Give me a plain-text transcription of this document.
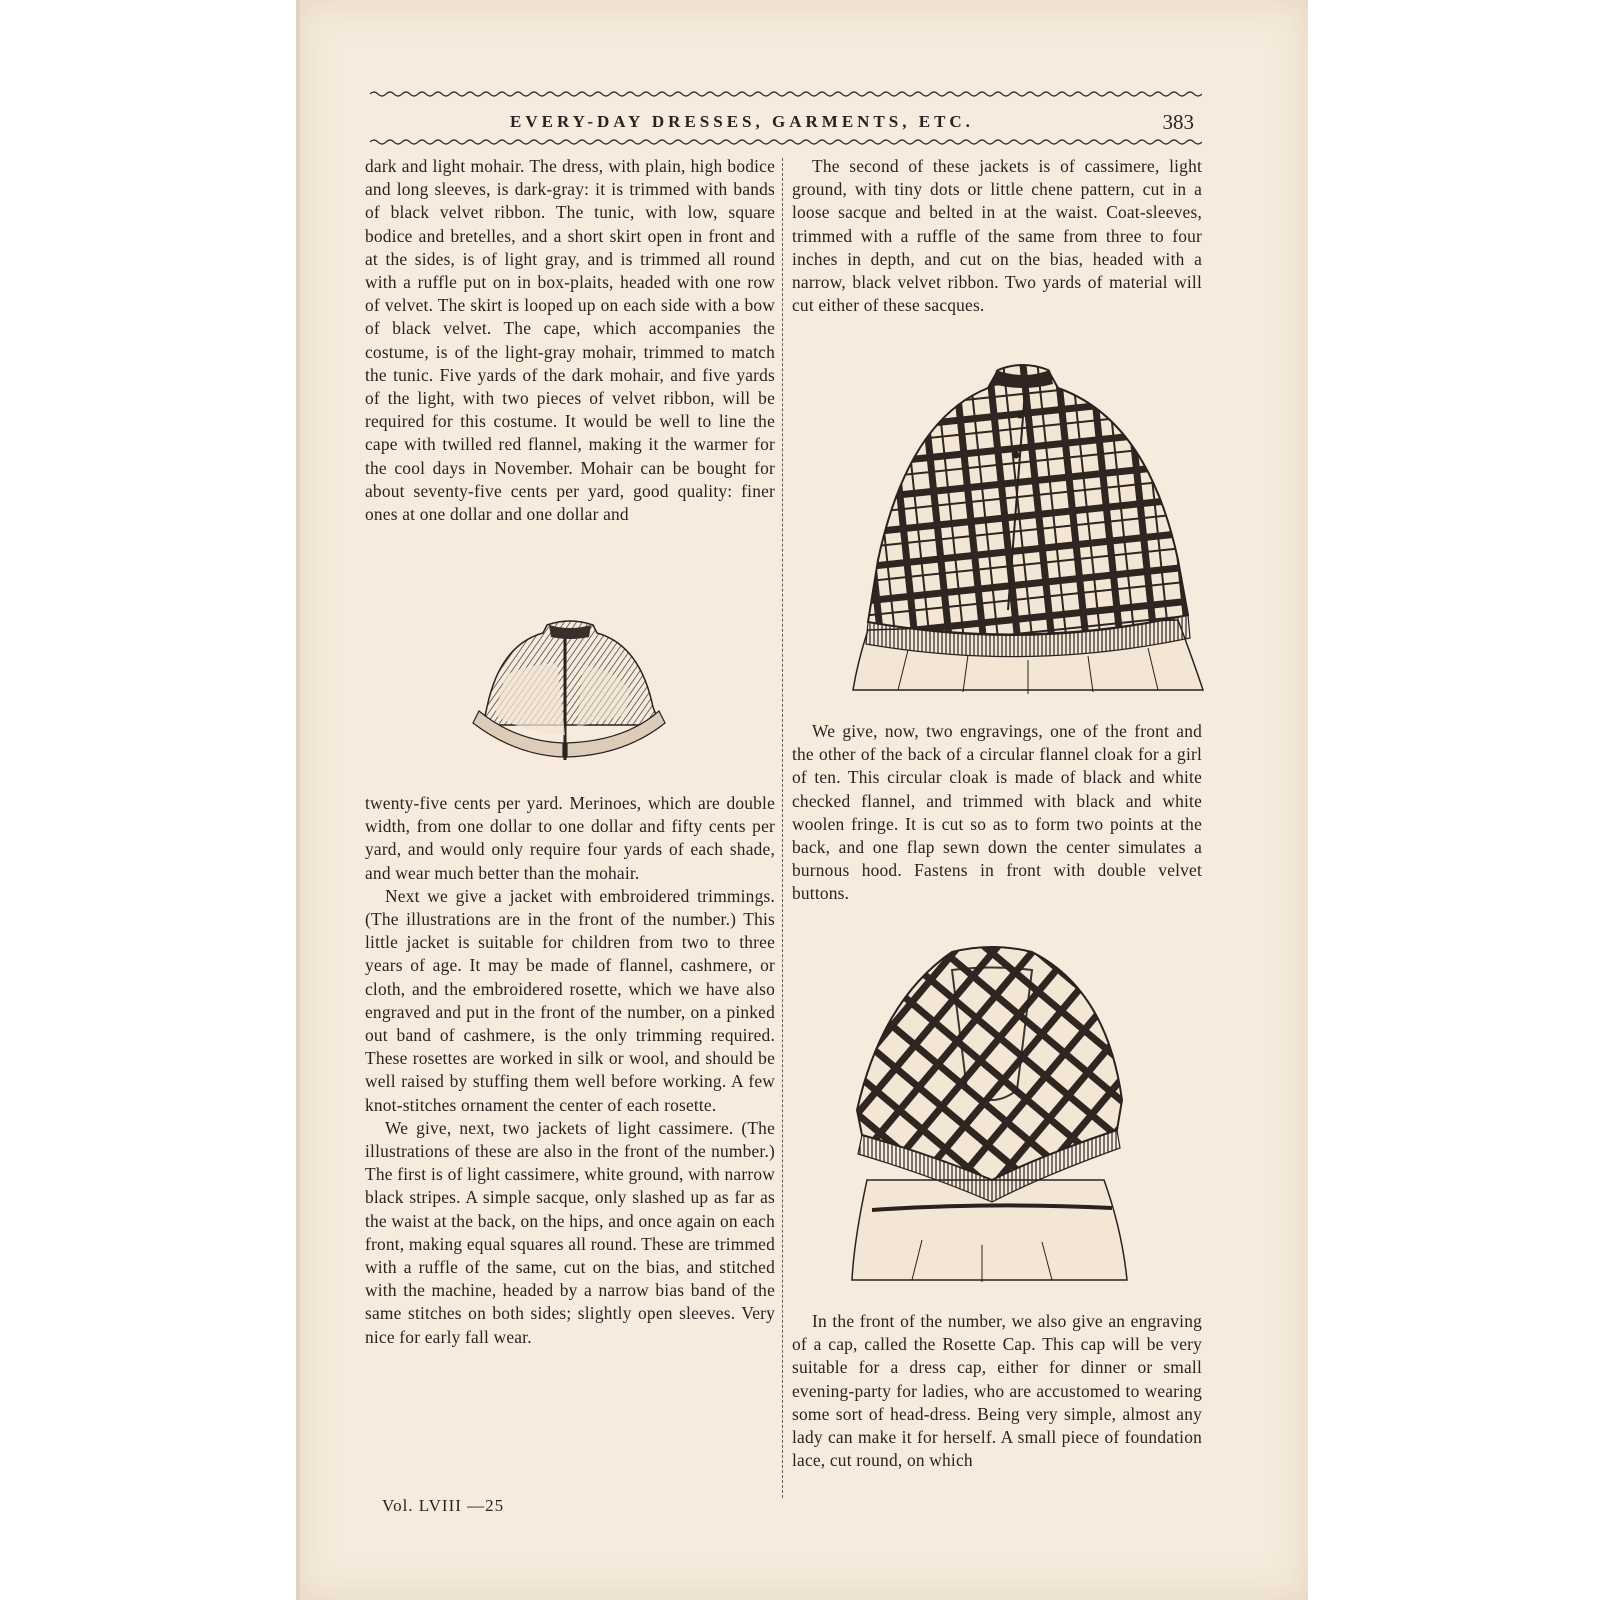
EVERY-DAY DRESSES, GARMENTS, ETC.	383

dark and light mohair. The dress, with plain, high bodice and long sleeves, is dark-gray: it is trimmed with bands of black velvet ribbon. The tunic, with low, square bodice and bretelles, and a short skirt open in front and at the sides, is of light gray, and is trimmed all round with a ruffle put on in box-plaits, headed with one row of velvet. The skirt is looped up on each side with a bow of black velvet. The cape, which accompanies the costume, is of the light-gray mohair, trimmed to match the tunic. Five yards of the dark mohair, and five yards of the light, with two pieces of velvet ribbon, will be required for this costume. It would be well to line the cape with twilled red flannel, making it the warmer for the cool days in November. Mohair can be bought for about seventy-five cents per yard, good quality: finer ones at one dollar and one dollar and

twenty-five cents per yard. Merinoes, which are double width, from one dollar to one dollar and fifty cents per yard, and would only require four yards of each shade, and wear much better than the mohair.

Next we give a jacket with embroidered trimmings. (The illustrations are in the front of the number.) This little jacket is suitable for children from two to three years of age. It may be made of flannel, cashmere, or cloth, and the embroidered rosette, which we have also engraved and put in the front of the number, on a pinked out band of cashmere, is the only trimming required. These rosettes are worked in silk or wool, and should be well raised by stuffing them well before working. A few knot-stitches ornament the center of each rosette.

We give, next, two jackets of light cassimere. (The illustrations of these are also in the front of the number.) The first is of light cassimere, white ground, with narrow black stripes. A simple sacque, only slashed up as far as the waist at the back, on the hips, and once again on each front, making equal squares all round. These are trimmed with a ruffle of the same, cut on the bias, and stitched with the machine, headed by a narrow bias band of the same stitches on both sides; slightly open sleeves. Very nice for early fall wear.

The second of these jackets is of cassimere, light ground, with tiny dots or little chene pattern, cut in a loose sacque and belted in at the waist. Coat-sleeves, trimmed with a ruffle of the same from three to four inches in depth, and cut on the bias, headed with a narrow, black velvet ribbon. Two yards of material will cut either of these sacques.

We give, now, two engravings, one of the front and the other of the back of a circular flannel cloak for a girl of ten. This circular cloak is made of black and white checked flannel, and trimmed with black and white woolen fringe. It is cut so as to form two points at the back, and one flap sewn down the center simulates a burnous hood. Fastens in front with double velvet buttons.

In the front of the number, we also give an engraving of a cap, called the Rosette Cap. This cap will be very suitable for a dress cap, either for dinner or small evening-party for ladies, who are accustomed to wearing some sort of head-dress. Being very simple, almost any lady can make it for herself. A small piece of foundation lace, cut round, on which

Vol. LVIII —25
